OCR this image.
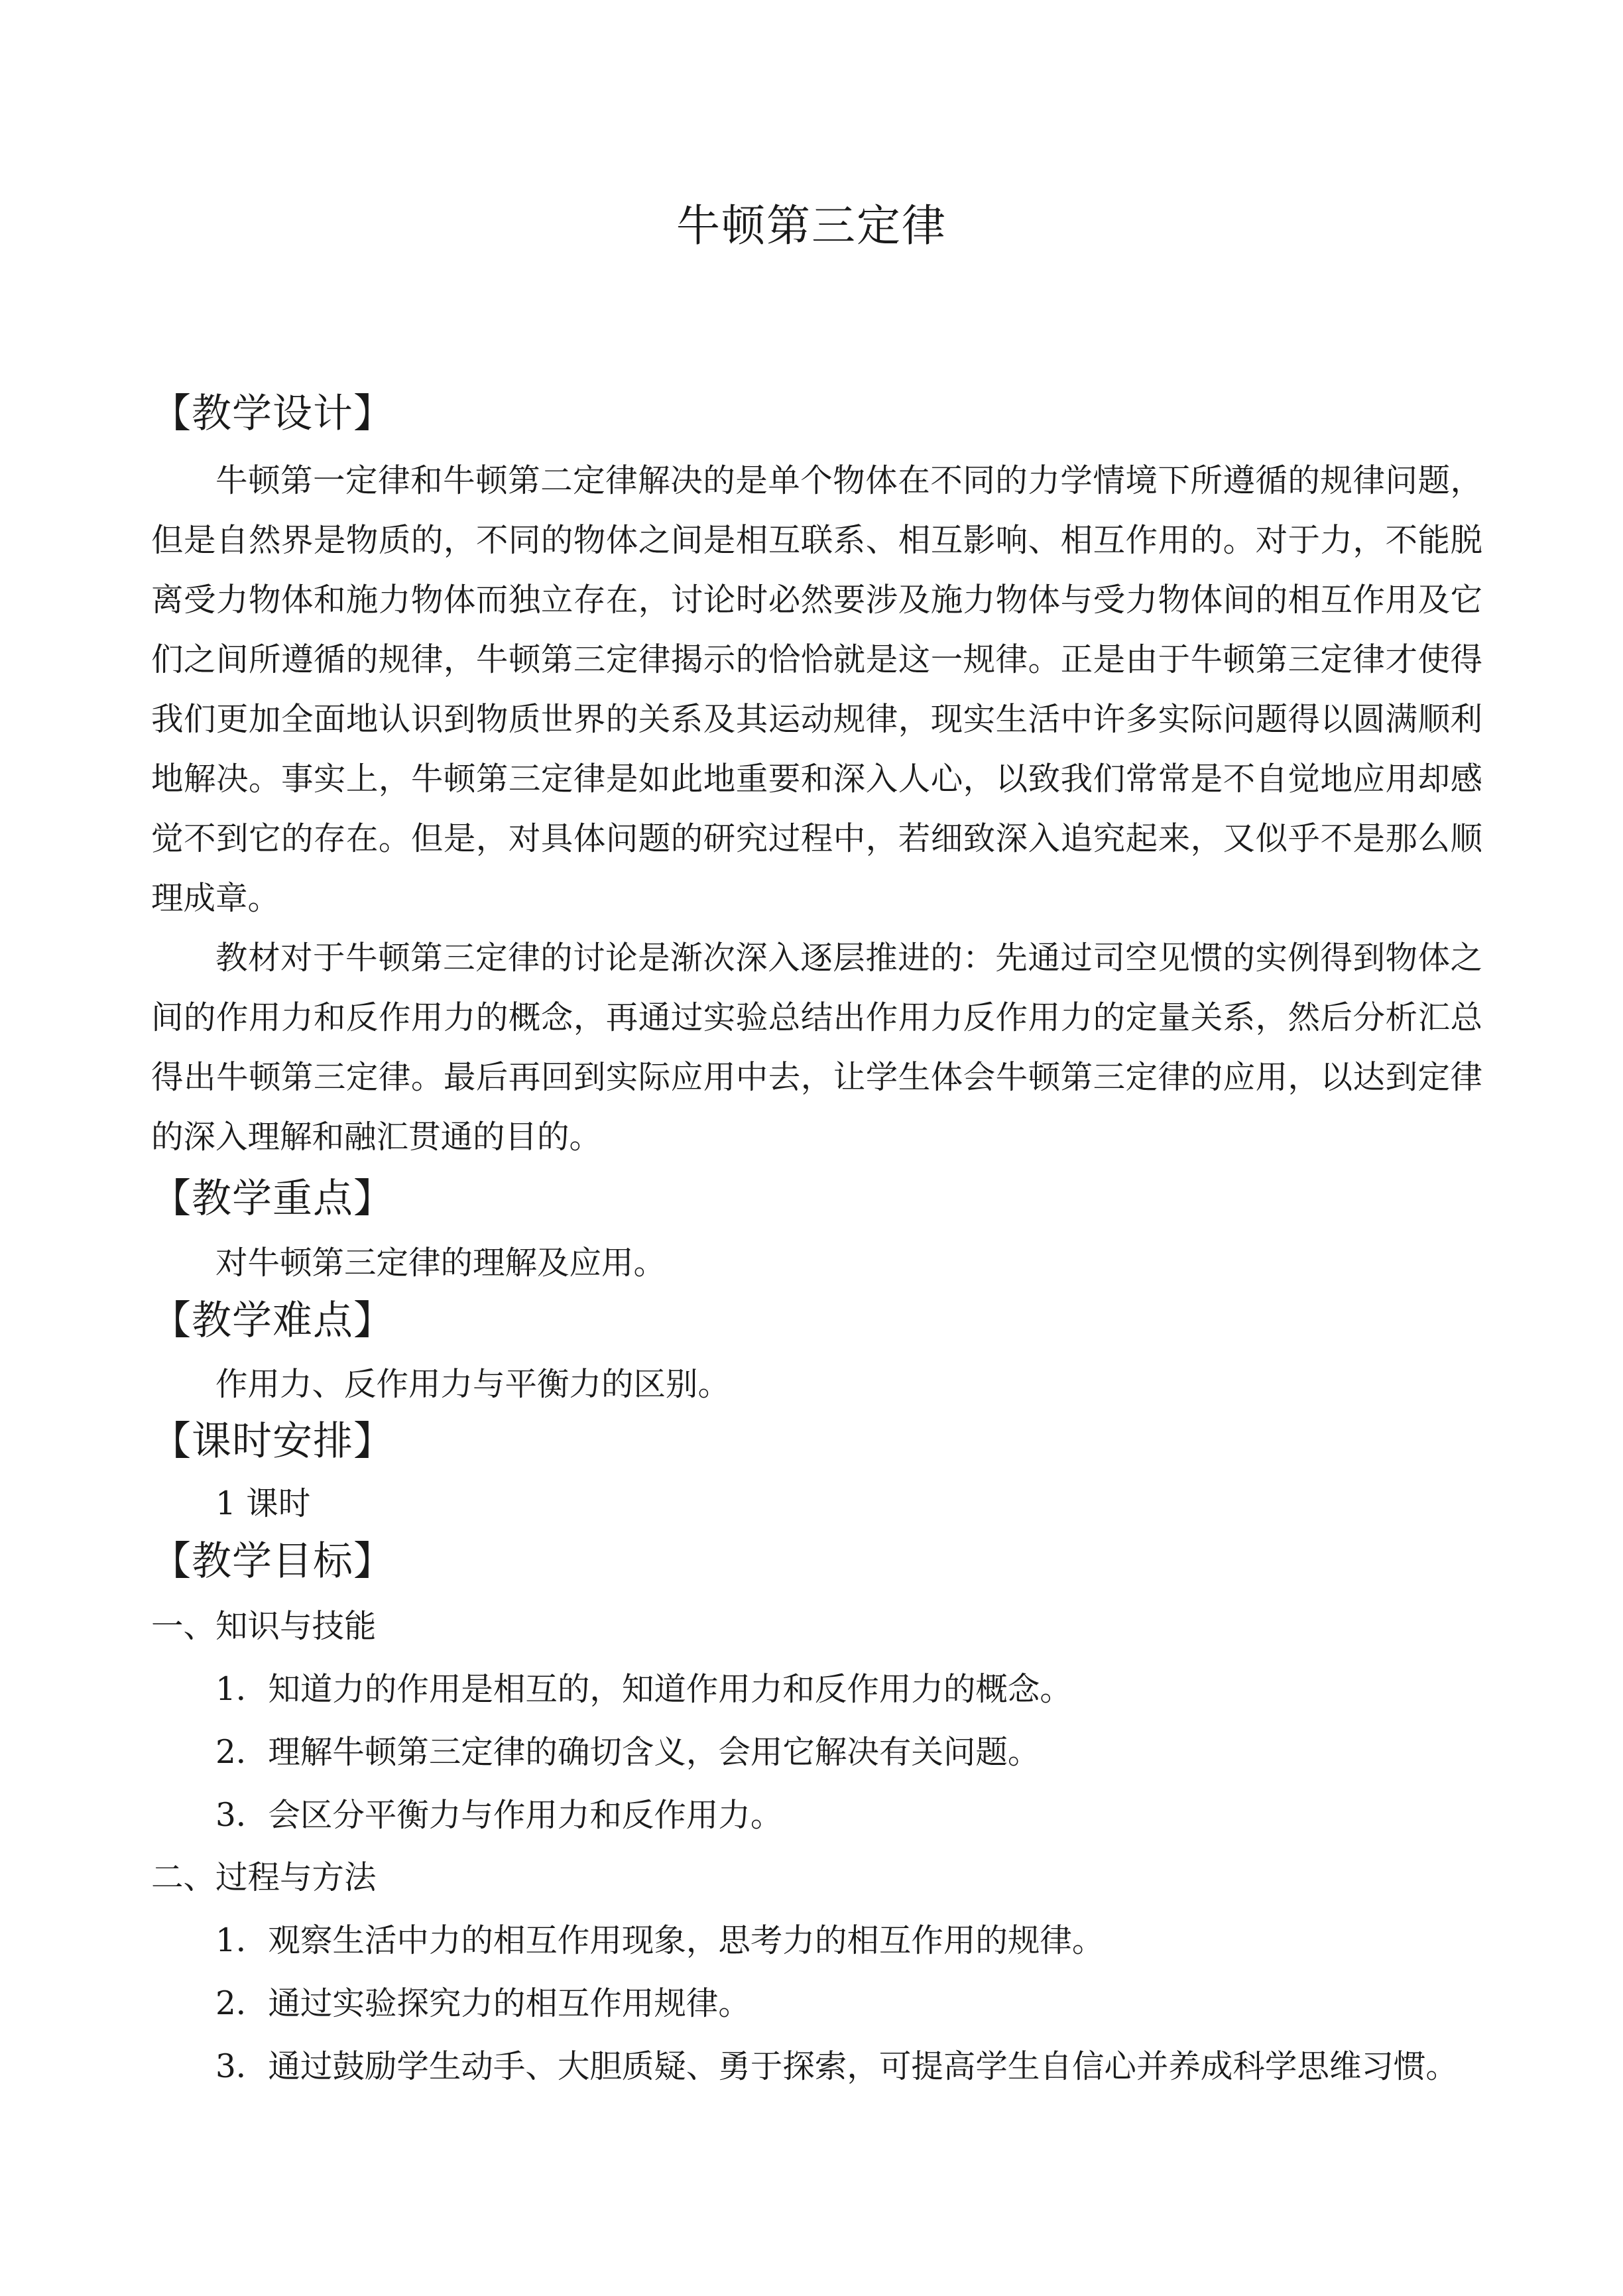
牛顿第三定律
【教学设计】

牛顿第一定律和牛顿第二定律解决的是单个物体在不同的力学情境下所遵循的规律问题，但是自然界是物质的，不同的物体之间是相互联系、相互影响、相互作用的。对于力，不能脱离受力物体和施力物体而独立存在，讨论时必然要涉及施力物体与受力物体间的相互作用及它们之间所遵循的规律，牛顿第三定律揭示的恰恰就是这一规律。正是由于牛顿第三定律才使得我们更加全面地认识到物质世界的关系及其运动规律，现实生活中许多实际问题得以圆满顺利地解决。事实上，牛顿第三定律是如此地重要和深入人心，以致我们常常是不自觉地应用却感觉不到它的存在。但是，对具体问题的研究过程中，若细致深入追究起来，又似乎不是那么顺理成章。

教材对于牛顿第三定律的讨论是渐次深入逐层推进的：先通过司空见惯的实例得到物体之间的作用力和反作用力的概念，再通过实验总结出作用力反作用力的定量关系，然后分析汇总得出牛顿第三定律。最后再回到实际应用中去，让学生体会牛顿第三定律的应用，以达到定律的深入理解和融汇贯通的目的。

【教学重点】
对牛顿第三定律的理解及应用。
【教学难点】
作用力、反作用力与平衡力的区别。
【课时安排】
1 课时
【教学目标】
一、知识与技能
1．知道力的作用是相互的，知道作用力和反作用力的概念。
2．理解牛顿第三定律的确切含义，会用它解决有关问题。
3．会区分平衡力与作用力和反作用力。
二、过程与方法
1．观察生活中力的相互作用现象，思考力的相互作用的规律。
2．通过实验探究力的相互作用规律。
3．通过鼓励学生动手、大胆质疑、勇于探索，可提高学生自信心并养成科学思维习惯。
